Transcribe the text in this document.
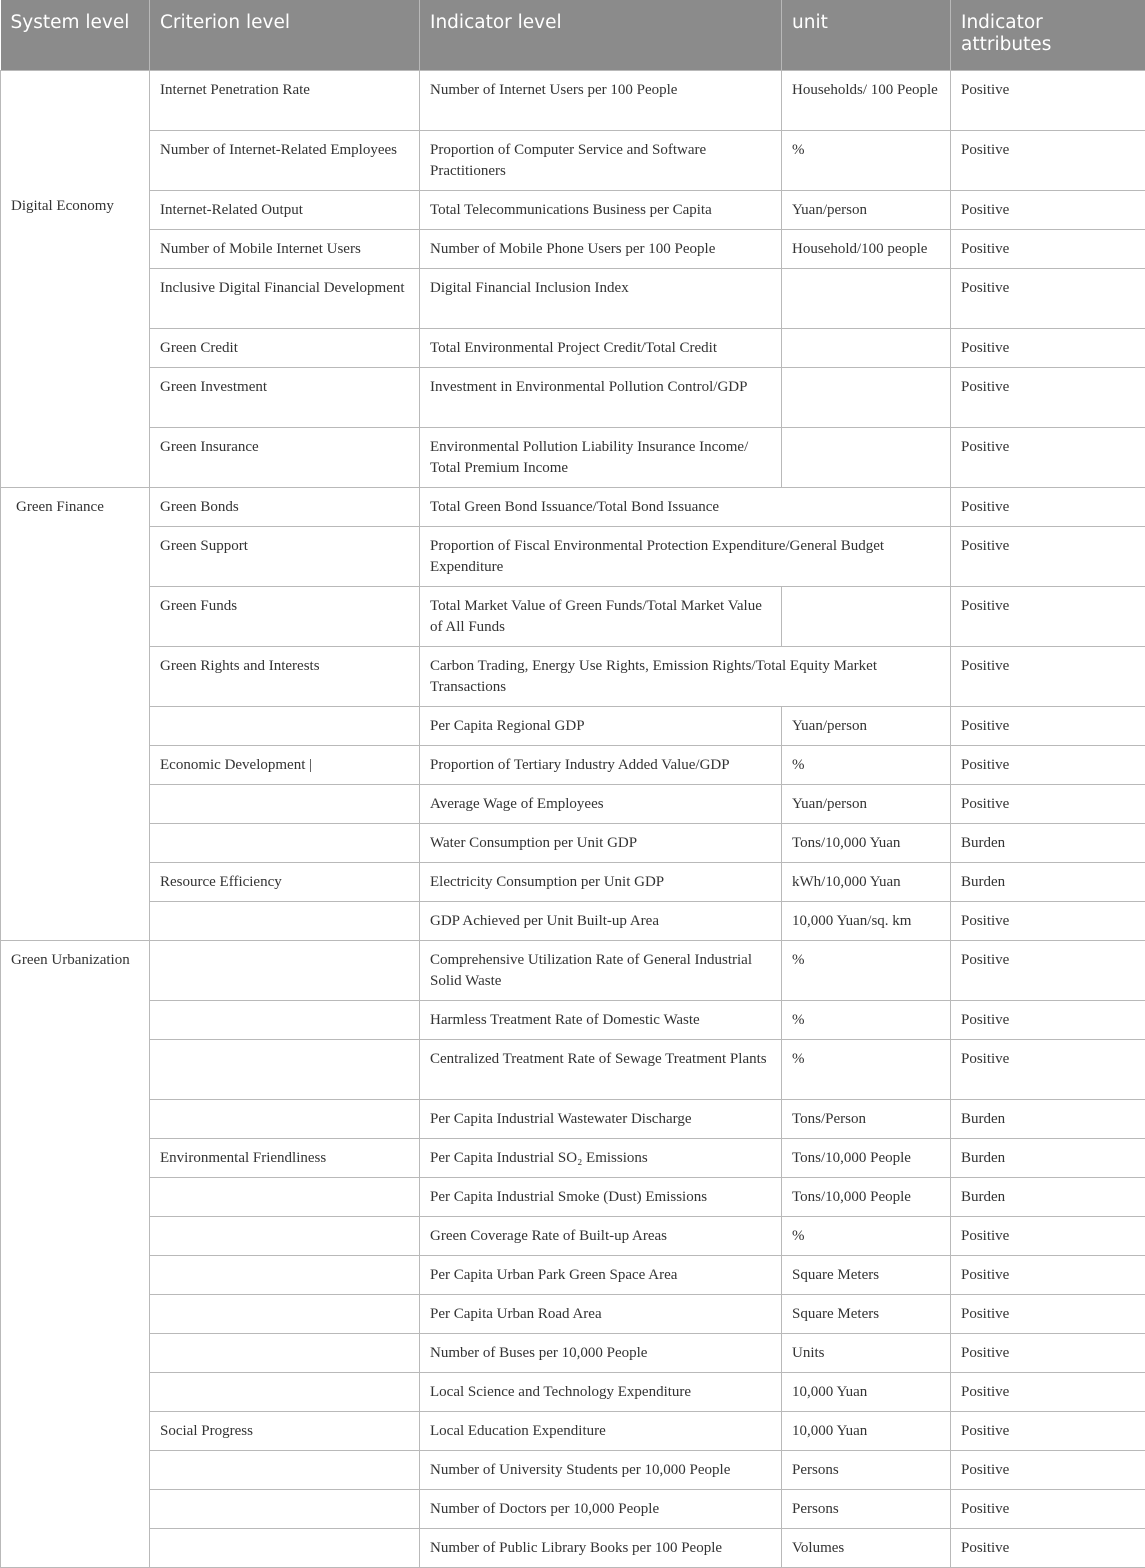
System level	Criterion level	Indicator level	unit	Indicator attributes

Digital Economy	Internet Penetration Rate	Number of Internet Users per 100 People	Households/ 100 People	Positive
	Number of Internet-Related Employees	Proportion of Computer Service and Software Practitioners	%	Positive
	Internet-Related Output	Total Telecommunications Business per Capita	Yuan/person	Positive
	Number of Mobile Internet Users	Number of Mobile Phone Users per 100 People	Household/100 people	Positive
	Inclusive Digital Financial Development	Digital Financial Inclusion Index		Positive
	Green Credit	Total Environmental Project Credit/Total Credit		Positive
	Green Investment	Investment in Environmental Pollution Control/GDP		Positive
	Green Insurance	Environmental Pollution Liability Insurance Income/ Total Premium Income		Positive
Green Finance	Green Bonds	Total Green Bond Issuance/Total Bond Issuance		Positive
	Green Support	Proportion of Fiscal Environmental Protection Expenditure/General Budget Expenditure		Positive
	Green Funds	Total Market Value of Green Funds/Total Market Value of All Funds		Positive
	Green Rights and Interests	Carbon Trading, Energy Use Rights, Emission Rights/Total Equity Market Transactions		Positive
		Per Capita Regional GDP	Yuan/person	Positive
	Economic Development |	Proportion of Tertiary Industry Added Value/GDP	%	Positive
		Average Wage of Employees	Yuan/person	Positive
		Water Consumption per Unit GDP	Tons/10,000 Yuan	Burden
	Resource Efficiency	Electricity Consumption per Unit GDP	kWh/10,000 Yuan	Burden
		GDP Achieved per Unit Built-up Area	10,000 Yuan/sq. km	Positive
Green Urbanization		Comprehensive Utilization Rate of General Industrial Solid Waste	%	Positive
		Harmless Treatment Rate of Domestic Waste	%	Positive
		Centralized Treatment Rate of Sewage Treatment Plants	%	Positive
		Per Capita Industrial Wastewater Discharge	Tons/Person	Burden
	Environmental Friendliness	Per Capita Industrial SO₂ Emissions	Tons/10,000 People	Burden
		Per Capita Industrial Smoke (Dust) Emissions	Tons/10,000 People	Burden
		Green Coverage Rate of Built-up Areas	%	Positive
		Per Capita Urban Park Green Space Area	Square Meters	Positive
		Per Capita Urban Road Area	Square Meters	Positive
		Number of Buses per 10,000 People	Units	Positive
		Local Science and Technology Expenditure	10,000 Yuan	Positive
	Social Progress	Local Education Expenditure	10,000 Yuan	Positive
		Number of University Students per 10,000 People	Persons	Positive
		Number of Doctors per 10,000 People	Persons	Positive
		Number of Public Library Books per 100 People	Volumes	Positive
